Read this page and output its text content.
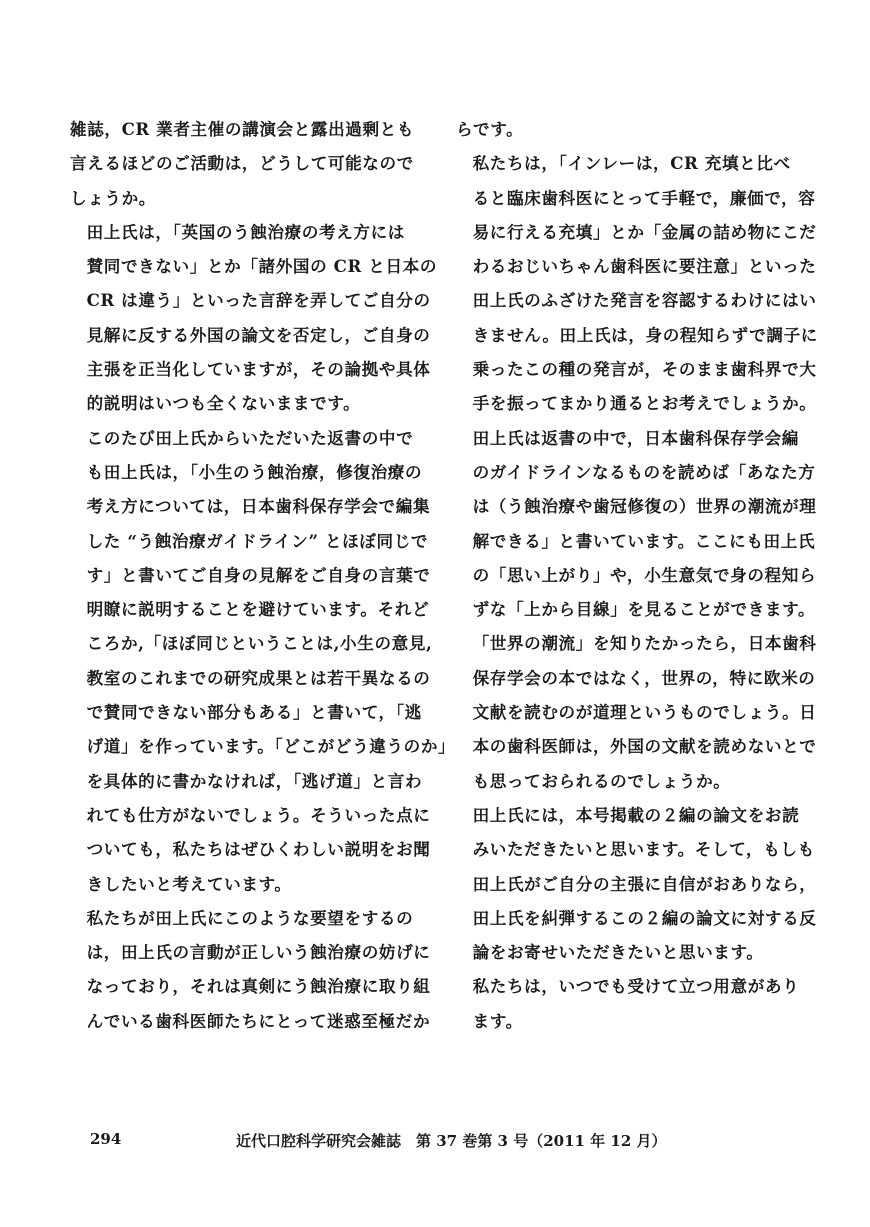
雑誌，CR 業者主催の講演会と露出過剰とも
言えるほどのご活動は，どうして可能なので
しょうか。

田上氏は，「英国のう蝕治療の考え方には
賛同できない」とか「諸外国の CR と日本の
CR は違う」といった言辞を弄してご自分の
見解に反する外国の論文を否定し，ご自身の
主張を正当化していますが，その論拠や具体
的説明はいつも全くないままです。

このたび田上氏からいただいた返書の中で
も田上氏は，「小生のう蝕治療，修復治療の
考え方については，日本歯科保存学会で編集
した “う蝕治療ガイドライン” とほぼ同じで
す」と書いてご自身の見解をご自身の言葉で
明瞭に説明することを避けています。それど
ころか,「ほぼ同じということは,小生の意見,
教室のこれまでの研究成果とは若干異なるの
で賛同できない部分もある」と書いて，「逃
げ道」を作っています。「どこがどう違うのか」
を具体的に書かなければ，「逃げ道」と言わ
れても仕方がないでしょう。そういった点に
ついても，私たちはぜひくわしい説明をお聞
きしたいと考えています。

私たちが田上氏にこのような要望をするの
は，田上氏の言動が正しいう蝕治療の妨げに
なっており，それは真剣にう蝕治療に取り組
んでいる歯科医師たちにとって迷惑至極だか

らです。

私たちは，「インレーは，CR 充填と比べ
ると臨床歯科医にとって手軽で，廉価で，容
易に行える充填」とか「金属の詰め物にこだ
わるおじいちゃん歯科医に要注意」といった
田上氏のふざけた発言を容認するわけにはい
きません。田上氏は，身の程知らずで調子に
乗ったこの種の発言が，そのまま歯科界で大
手を振ってまかり通るとお考えでしょうか。

田上氏は返書の中で，日本歯科保存学会編
のガイドラインなるものを読めば「あなた方
は（う蝕治療や歯冠修復の）世界の潮流が理
解できる」と書いています。ここにも田上氏
の「思い上がり」や，小生意気で身の程知ら
ずな「上から目線」を見ることができます。
「世界の潮流」を知りたかったら，日本歯科
保存学会の本ではなく，世界の，特に欧米の
文献を読むのが道理というものでしょう。日
本の歯科医師は，外国の文献を読めないとで
も思っておられるのでしょうか。

田上氏には，本号掲載の２編の論文をお読
みいただきたいと思います。そして，もしも
田上氏がご自分の主張に自信がおありなら，
田上氏を糾弾するこの２編の論文に対する反
論をお寄せいただきたいと思います。

私たちは，いつでも受けて立つ用意があり
ます。

294	近代口腔科学研究会雑誌　第 37 巻第 3 号（2011 年 12 月）
